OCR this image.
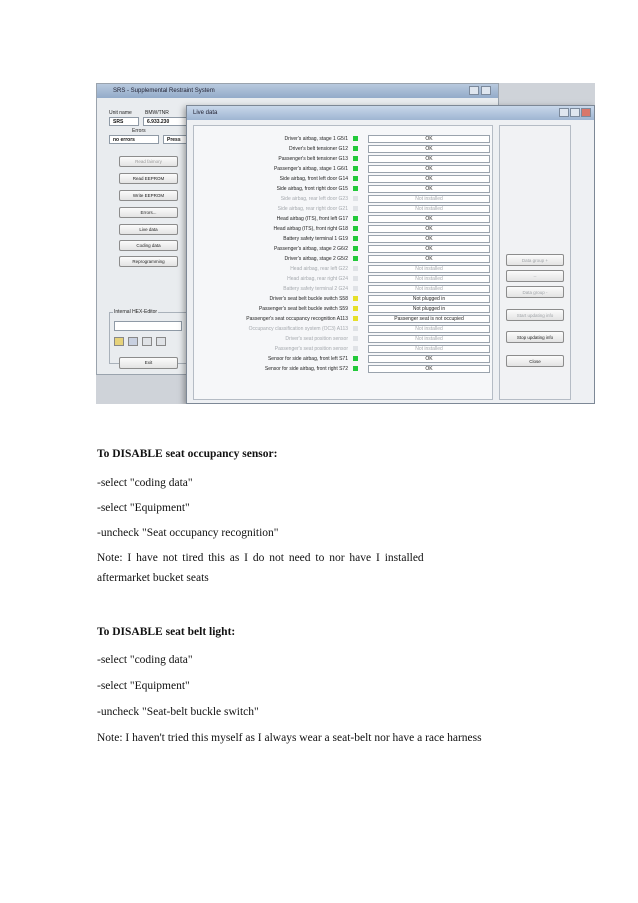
SRS - Supplemental Restraint System
Unit name	BMW/TNR
SRS	6.933.230
Errors
no errors	Press
Read faimory
Read EEPROM
Write EEPROM
Errors...
Live data
Coding data
Reprogramming
Internal HEX-Editor
Exit
Live data
Driver's airbag, stage 1 G5/1	OK
Driver's belt tensioner G12	OK
Passenger's belt tensioner G13	OK
Passenger's airbag, stage 1 G6/1	OK
Side airbag, front left door G14	OK
Side airbag, front right door G15	OK
Side airbag, rear left door G23	Not installed
Side airbag, rear right door G21	Not installed
Head airbag (ITS), front left G17	OK
Head airbag (ITS), front right G18	OK
Battery safety terminal 1 G19	OK
Passenger's airbag, stage 2 G6/2	OK
Driver's airbag, stage 2 G5/2	OK
Head airbag, rear left G22	Not installed
Head airbag, rear right G24	Not installed
Battery safety terminal 2 G24	Not installed
Driver's seat belt buckle switch S58	Not plugged in
Passenger's seat belt buckle switch S59	Not plugged in
Passenger's seat occupancy recognition A113	Passenger seat is not occupied
Occupancy classification system (OC3) A113	Not installed
Driver's seat position sensor	Not installed
Passenger's seat position sensor	Not installed
Sensor for side airbag, front left S71	OK
Sensor for side airbag, front right S72	OK
Data group +
--
Data group -
Start updating info
Stop updating info
Close
To DISABLE seat occupancy sensor:
-select "coding data"
-select "Equipment"
-uncheck "Seat occupancy recognition"
Note: I have not tired this as I do not need to nor have I installed
aftermarket bucket seats
To DISABLE seat belt light:
-select "coding data"
-select "Equipment"
-uncheck "Seat-belt buckle switch"
Note: I haven't tried this myself as I always wear a seat-belt nor have a race harness
